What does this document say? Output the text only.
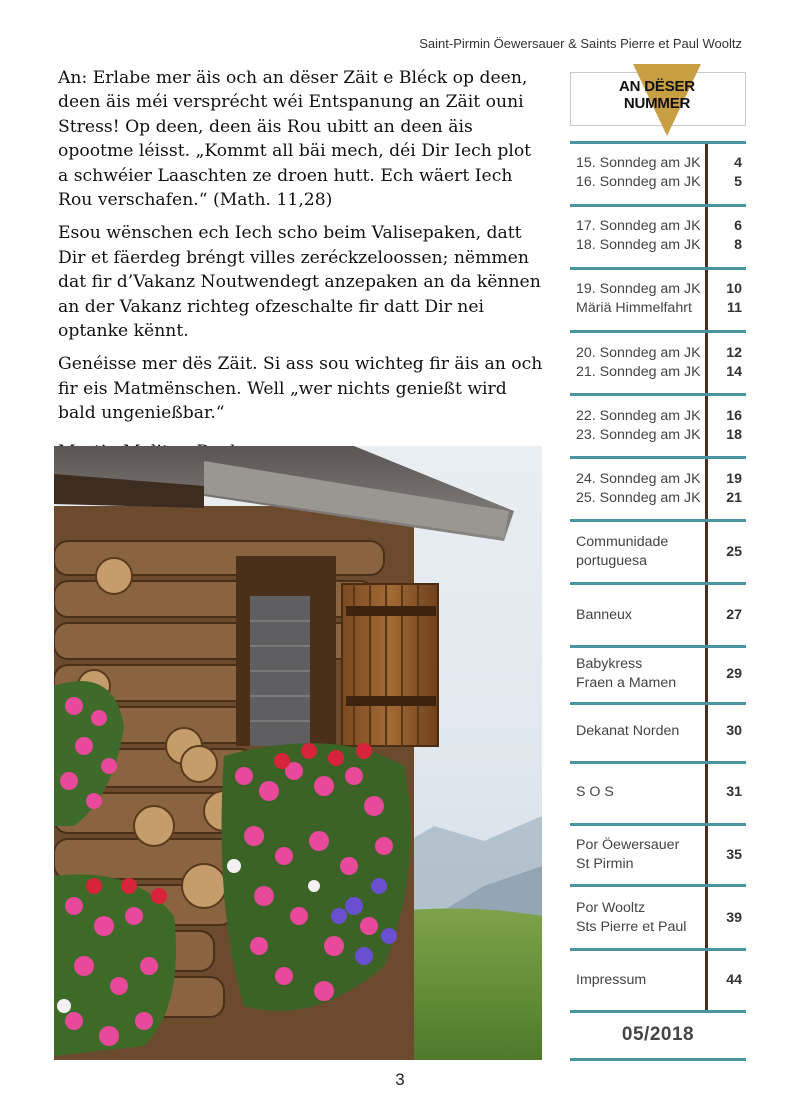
Saint-Pirmin Öewersauer & Saints Pierre et Paul Wooltz

An: Erlabe mer äis och an dëser Zäit e Bléck op deen, deen äis méi versprécht wéi Entspanung an Zäit ouni Stress! Op deen, deen äis Rou ubitt an deen äis opootme léisst. „Kommt all bäi mech, déi Dir Iech plot a schwéier Laaschten ze droen hutt. Ech wäert Iech Rou verschafen.“ (Math. 11,28)

Esou wënschen ech Iech scho beim Valisepaken, datt Dir et fäerdeg bréngt villes zeréckzeloossen; nëmmen dat fir d’Vakanz Noutwendegt anzepaken an da kënnen an der Vakanz richteg ofzeschalte fir datt Dir nei optanke kënnt.

Genéisse mer dës Zäit. Si ass sou wichteg fir äis an och fir eis Matmënschen. Well „wer nichts genießt wird bald ungenießbar.“

AN DËSER
NUMMER
15. Sonndeg am JK 4
16. Sonndeg am JK 5
17. Sonndeg am JK 6
18. Sonndeg am JK 8
19. Sonndeg am JK 10
Märiä Himmelfahrt 11
20. Sonndeg am JK 12
21. Sonndeg am JK 14
22. Sonndeg am JK 16
23. Sonndeg am JK 18
24. Sonndeg am JK 19
25. Sonndeg am JK 21
Communidade
portuguesa
25
Banneux	27
Babykress
Fraen a Mamen
29
Dekanat Norden	30
S O S	31
Por Öewersauer
St Pirmin
35
Por Wooltz
Sts Pierre et Paul
39
Impressum	44
05/2018
3
